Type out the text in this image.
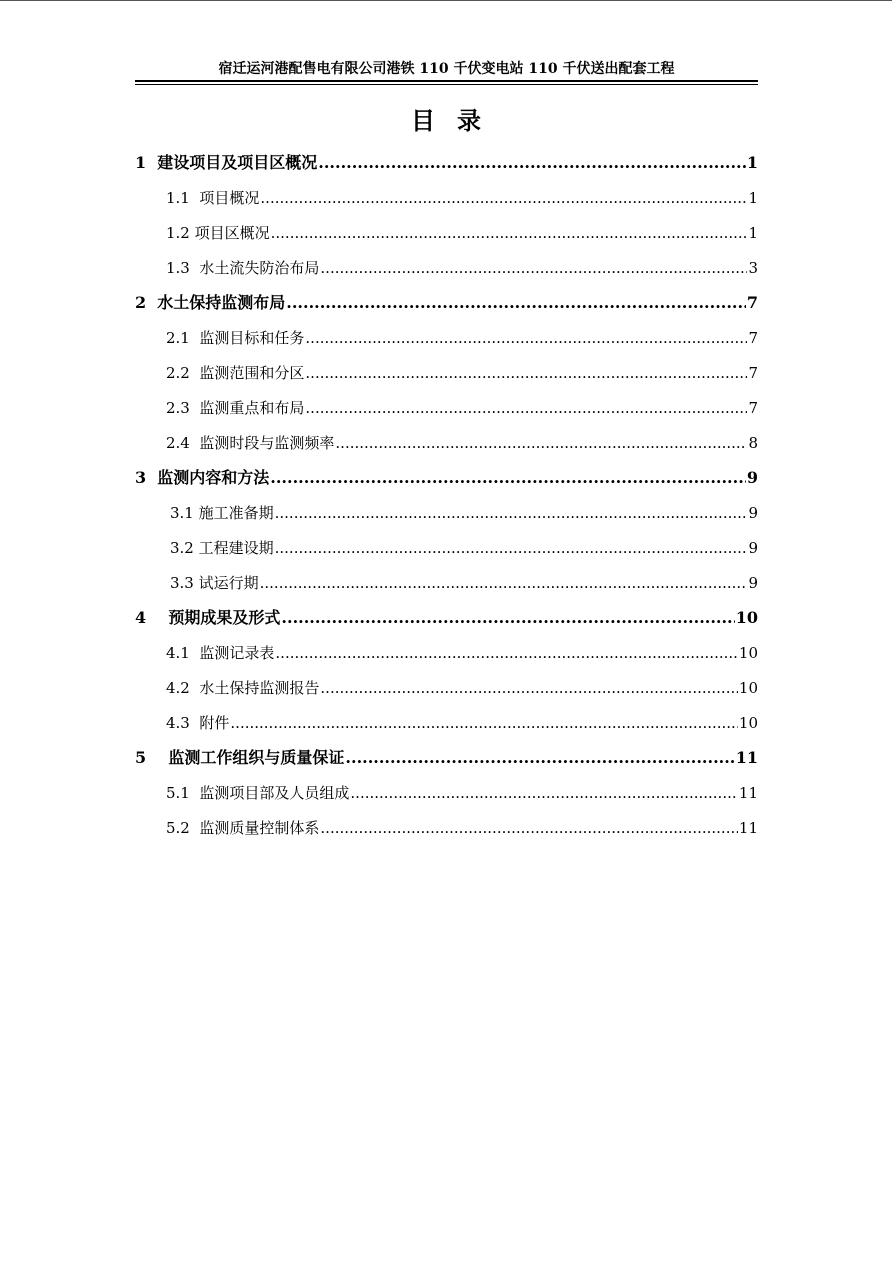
宿迁运河港配售电有限公司港铁 110 千伏变电站 110 千伏送出配套工程
目录
1  建设项目及项目区概况 .....	1
1.1  项目概况 .....	1
1.2 项目区概况 .....	1
1.3  水土流失防治布局 .....	3
2  水土保持监测布局 .....	7
2.1  监测目标和任务 .....	7
2.2  监测范围和分区 .....	7
2.3  监测重点和布局 .....	7
2.4  监测时段与监测频率 .....	8
3  监测内容和方法 .....	9
3.1 施工准备期 .....	9
3.2 工程建设期 .....	9
3.3 试运行期 .....	9
4    预期成果及形式 .....	10
4.1  监测记录表 .....	10
4.2  水土保持监测报告 .....	10
4.3  附件 .....	10
5    监测工作组织与质量保证 .....	11
5.1  监测项目部及人员组成 .....	11
5.2  监测质量控制体系 .....	11
